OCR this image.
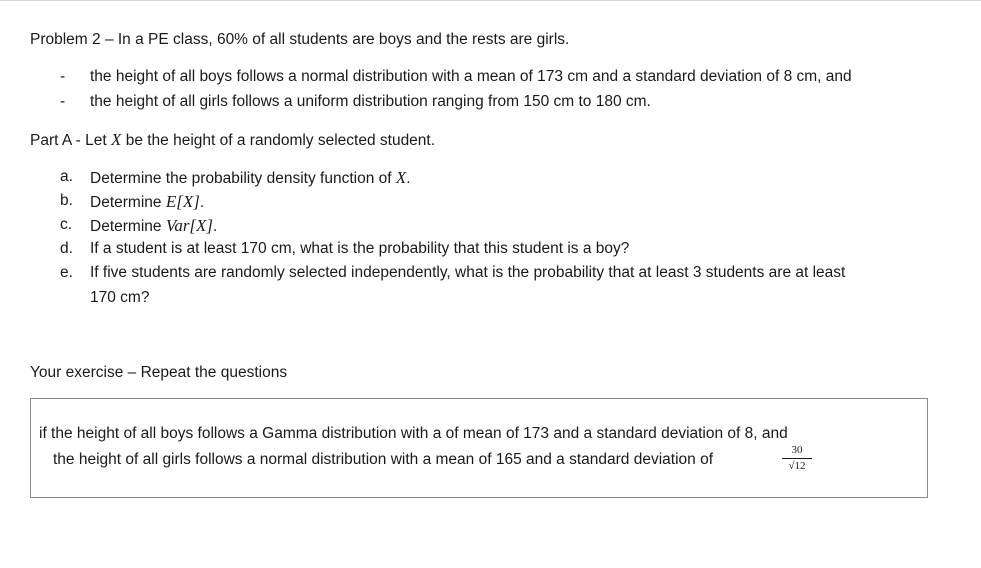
Problem 2 – In a PE class, 60% of all students are boys and the rests are girls.
- the height of all boys follows a normal distribution with a mean of 173 cm and a standard deviation of 8 cm, and
- the height of all girls follows a uniform distribution ranging from 150 cm to 180 cm.
Part A - Let X be the height of a randomly selected student.
a. Determine the probability density function of X.
b. Determine E[X].
c. Determine Var[X].
d. If a student is at least 170 cm, what is the probability that this student is a boy?
e. If five students are randomly selected independently, what is the probability that at least 3 students are at least
170 cm?
Your exercise – Repeat the questions
if the height of all boys follows a Gamma distribution with a of mean of 173 and a standard deviation of 8, and
the height of all girls follows a normal distribution with a mean of 165 and a standard deviation of	$\frac{30}{√12}$
